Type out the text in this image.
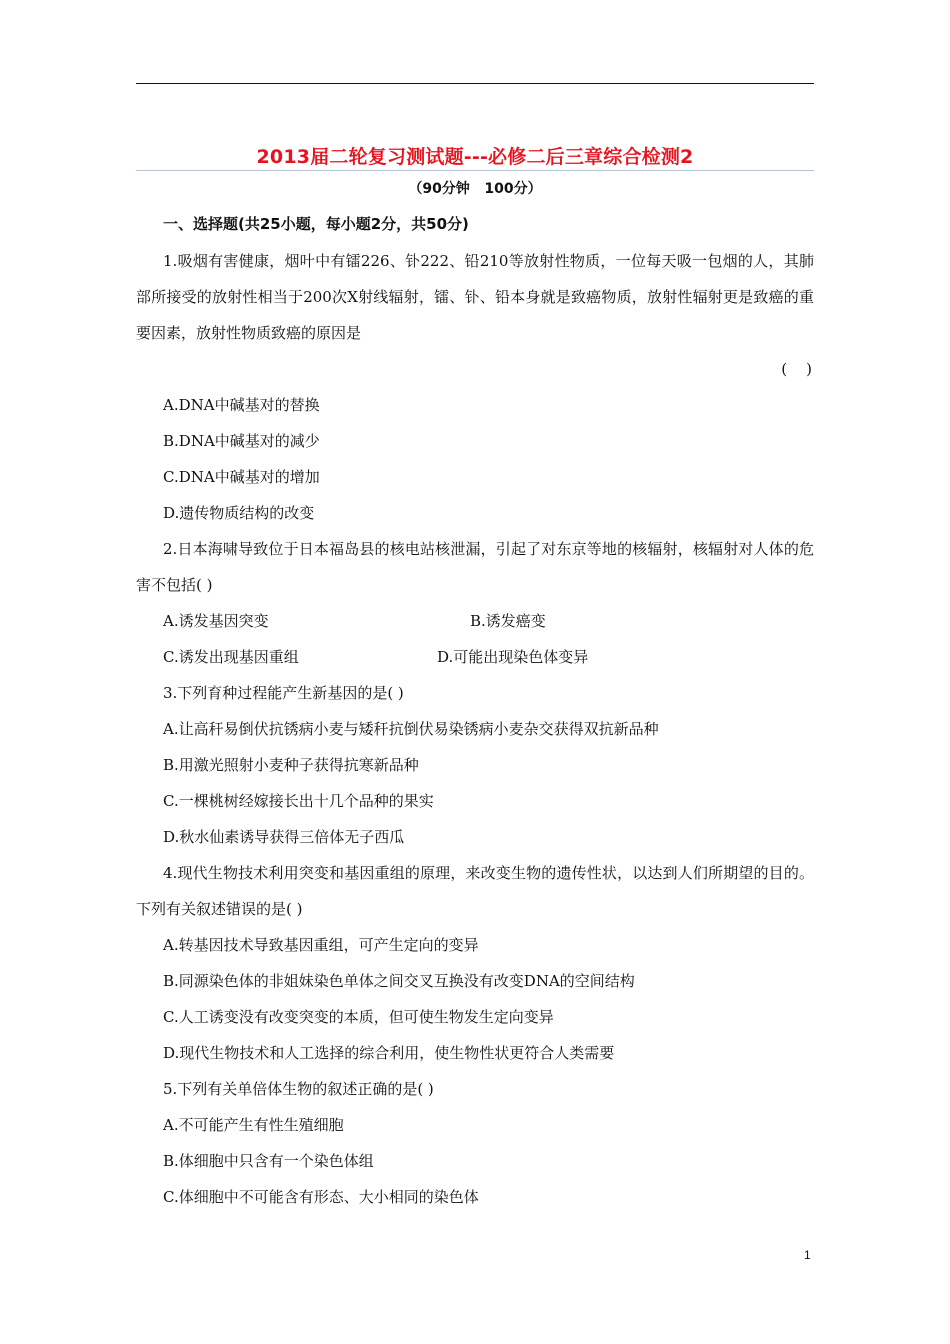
2013届二轮复习测试题---必修二后三章综合检测2
（90分钟   100分）
一、选择题(共25小题，每小题2分，共50分)

1.吸烟有害健康，烟叶中有镭226、钋222、铅210等放射性物质，一位每天吸一包烟的人，其肺部所接受的放射性相当于200次X射线辐射，镭、钋、铅本身就是致癌物质，放射性辐射更是致癌的重要因素，放射性物质致癌的原因是

(    )

A.DNA中碱基对的替换

B.DNA中碱基对的减少

C.DNA中碱基对的增加

D.遗传物质结构的改变

2.日本海啸导致位于日本福岛县的核电站核泄漏，引起了对东京等地的核辐射，核辐射对人体的危害不包括( )

A.诱发基因突变	B.诱发癌变
C.诱发出现基因重组	D.可能出现染色体变异

3.下列育种过程能产生新基因的是( )

A.让高秆易倒伏抗锈病小麦与矮秆抗倒伏易染锈病小麦杂交获得双抗新品种

B.用激光照射小麦种子获得抗寒新品种

C.一棵桃树经嫁接长出十几个品种的果实

D.秋水仙素诱导获得三倍体无子西瓜

4.现代生物技术利用突变和基因重组的原理，来改变生物的遗传性状，以达到人们所期望的目的。下列有关叙述错误的是( )

A.转基因技术导致基因重组，可产生定向的变异

B.同源染色体的非姐妹染色单体之间交叉互换没有改变DNA的空间结构

C.人工诱变没有改变突变的本质，但可使生物发生定向变异

D.现代生物技术和人工选择的综合利用，使生物性状更符合人类需要

5.下列有关单倍体生物的叙述正确的是( )

A.不可能产生有性生殖细胞

B.体细胞中只含有一个染色体组

C.体细胞中不可能含有形态、大小相同的染色体

1
